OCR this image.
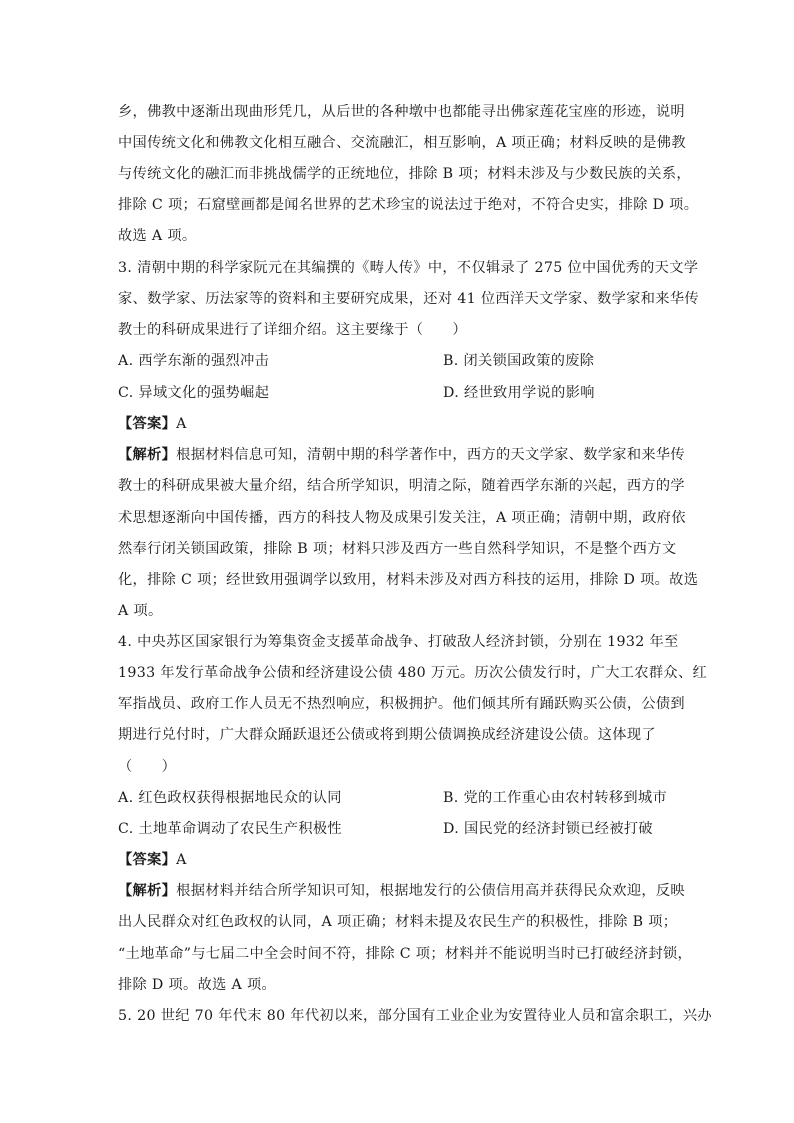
乡，佛教中逐渐出现曲形凭几，从后世的各种墩中也都能寻出佛家莲花宝座的形迹，说明
中国传统文化和佛教文化相互融合、交流融汇，相互影响，A 项正确；材料反映的是佛教
与传统文化的融汇而非挑战儒学的正统地位，排除 B 项；材料未涉及与少数民族的关系，
排除 C 项；石窟壁画都是闻名世界的艺术珍宝的说法过于绝对，不符合史实，排除 D 项。
故选 A 项。
3. 清朝中期的科学家阮元在其编撰的《畴人传》中，不仅辑录了 275 位中国优秀的天文学
家、数学家、历法家等的资料和主要研究成果，还对 41 位西洋天文学家、数学家和来华传
教士的科研成果进行了详细介绍。这主要缘于（　　）
A. 西学东渐的强烈冲击	B. 闭关锁国政策的废除
C. 异域文化的强势崛起	D. 经世致用学说的影响
【答案】A
【解析】根据材料信息可知，清朝中期的科学著作中，西方的天文学家、数学家和来华传
教士的科研成果被大量介绍，结合所学知识，明清之际，随着西学东渐的兴起，西方的学
术思想逐渐向中国传播，西方的科技人物及成果引发关注，A 项正确；清朝中期，政府依
然奉行闭关锁国政策，排除 B 项；材料只涉及西方一些自然科学知识，不是整个西方文
化，排除 C 项；经世致用强调学以致用，材料未涉及对西方科技的运用，排除 D 项。故选
A 项。
4. 中央苏区国家银行为筹集资金支援革命战争、打破敌人经济封锁，分别在 1932 年至
1933 年发行革命战争公债和经济建设公债 480 万元。历次公债发行时，广大工农群众、红
军指战员、政府工作人员无不热烈响应，积极拥护。他们倾其所有踊跃购买公债，公债到
期进行兑付时，广大群众踊跃退还公债或将到期公债调换成经济建设公债。这体现了
（　　）
A. 红色政权获得根据地民众的认同	B. 党的工作重心由农村转移到城市
C. 土地革命调动了农民生产积极性	D. 国民党的经济封锁已经被打破
【答案】A
【解析】根据材料并结合所学知识可知，根据地发行的公债信用高并获得民众欢迎，反映
出人民群众对红色政权的认同，A 项正确；材料未提及农民生产的积极性，排除 B 项；
“土地革命”与七届二中全会时间不符，排除 C 项；材料并不能说明当时已打破经济封锁，
排除 D 项。故选 A 项。
5. 20 世纪 70 年代末 80 年代初以来，部分国有工业企业为安置待业人员和富余职工，兴办
